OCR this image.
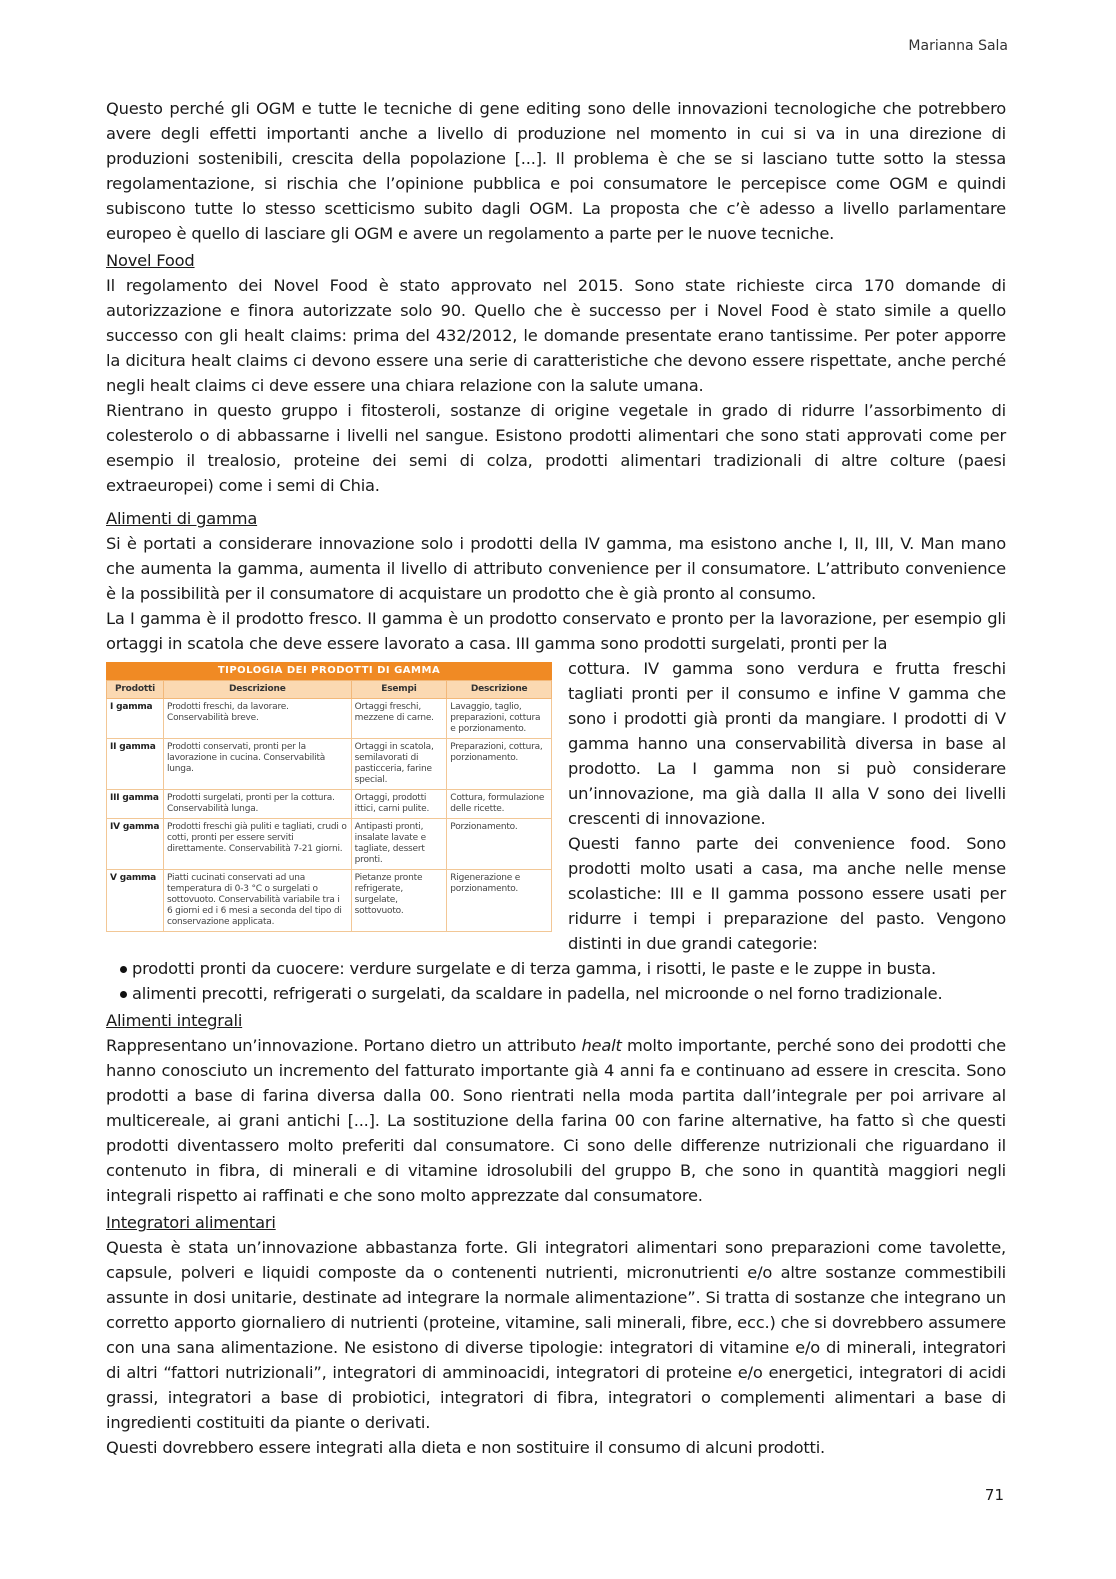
Marianna Sala

Questo perché gli OGM e tutte le tecniche di gene editing sono delle innovazioni tecnologiche che potrebbero avere degli effetti importanti anche a livello di produzione nel momento in cui si va in una direzione di produzioni sostenibili, crescita della popolazione [...]. Il problema è che se si lasciano tutte sotto la stessa regolamentazione, si rischia che l’opinione pubblica e poi consumatore le percepisce come OGM e quindi subiscono tutte lo stesso scetticismo subito dagli OGM. La proposta che c’è adesso a livello parlamentare europeo è quello di lasciare gli OGM e avere un regolamento a parte per le nuove tecniche.

Novel Food

Il regolamento dei Novel Food è stato approvato nel 2015. Sono state richieste circa 170 domande di autorizzazione e finora autorizzate solo 90. Quello che è successo per i Novel Food è stato simile a quello successo con gli healt claims: prima del 432/2012, le domande presentate erano tantissime. Per poter apporre la dicitura healt claims ci devono essere una serie di caratteristiche che devono essere rispettate, anche perché negli healt claims ci deve essere una chiara relazione con la salute umana.

Rientrano in questo gruppo i fitosteroli, sostanze di origine vegetale in grado di ridurre l’assorbimento di colesterolo o di abbassarne i livelli nel sangue. Esistono prodotti alimentari che sono stati approvati come per esempio il trealosio, proteine dei semi di colza, prodotti alimentari tradizionali di altre colture (paesi extraeuropei) come i semi di Chia.

Alimenti di gamma

Si è portati a considerare innovazione solo i prodotti della IV gamma, ma esistono anche I, II, III, V. Man mano che aumenta la gamma, aumenta il livello di attributo convenience per il consumatore. L’attributo convenience è la possibilità per il consumatore di acquistare un prodotto che è già pronto al consumo.

La I gamma è il prodotto fresco. II gamma è un prodotto conservato e pronto per la lavorazione, per esempio gli ortaggi in scatola che deve essere lavorato a casa. III gamma sono prodotti surgelati, pronti per la

TIPOLOGIA DEI PRODOTTI DI GAMMA
Prodotti	Descrizione	Esempi	Descrizione
I gamma	Prodotti freschi, da lavorare. Conservabilità breve.	Ortaggi freschi, mezzene di carne.	Lavaggio, taglio, preparazioni, cottura e porzionamento.
II gamma	Prodotti conservati, pronti per la lavorazione in cucina. Conservabilità lunga.	Ortaggi in scatola, semilavorati di pasticceria, farine special.	Preparazioni, cottura, porzionamento.
III gamma	Prodotti surgelati, pronti per la cottura. Conservabilità lunga.	Ortaggi, prodotti ittici, carni pulite.	Cottura, formulazione delle ricette.
IV gamma	Prodotti freschi già puliti e tagliati, crudi o cotti, pronti per essere serviti direttamente. Conservabilità 7-21 giorni.	Antipasti pronti, insalate lavate e tagliate, dessert pronti.	Porzionamento.
V gamma	Piatti cucinati conservati ad una temperatura di 0-3 °C o surgelati o sottovuoto. Conservabilità variabile tra i 6 giorni ed i 6 mesi a seconda del tipo di conservazione applicata.	Pietanze pronte refrigerate, surgelate, sottovuoto.	Rigenerazione e porzionamento.

cottura. IV gamma sono verdura e frutta freschi tagliati pronti per il consumo e infine V gamma che sono i prodotti già pronti da mangiare. I prodotti di V gamma hanno una conservabilità diversa in base al prodotto. La I gamma non si può considerare un’innovazione, ma già dalla II alla V sono dei livelli crescenti di innovazione.

Questi fanno parte dei convenience food. Sono prodotti molto usati a casa, ma anche nelle mense scolastiche: III e II gamma possono essere usati per ridurre i tempi i preparazione del pasto. Vengono distinti in due grandi categorie:

prodotti pronti da cuocere: verdure surgelate e di terza gamma, i risotti, le paste e le zuppe in busta.
alimenti precotti, refrigerati o surgelati, da scaldare in padella, nel microonde o nel forno tradizionale.

Alimenti integrali

Rappresentano un’innovazione. Portano dietro un attributo healt molto importante, perché sono dei prodotti che hanno conosciuto un incremento del fatturato importante già 4 anni fa e continuano ad essere in crescita. Sono prodotti a base di farina diversa dalla 00. Sono rientrati nella moda partita dall’integrale per poi arrivare al multicereale, ai grani antichi [...]. La sostituzione della farina 00 con farine alternative, ha fatto sì che questi prodotti diventassero molto preferiti dal consumatore. Ci sono delle differenze nutrizionali che riguardano il contenuto in fibra, di minerali e di vitamine idrosolubili del gruppo B, che sono in quantità maggiori negli integrali rispetto ai raffinati e che sono molto apprezzate dal consumatore.

Integratori alimentari

Questa è stata un’innovazione abbastanza forte. Gli integratori alimentari sono preparazioni come tavolette, capsule, polveri e liquidi composte da o contenenti nutrienti, micronutrienti e/o altre sostanze commestibili assunte in dosi unitarie, destinate ad integrare la normale alimentazione”. Si tratta di sostanze che integrano un corretto apporto giornaliero di nutrienti (proteine, vitamine, sali minerali, fibre, ecc.) che si dovrebbero assumere con una sana alimentazione. Ne esistono di diverse tipologie: integratori di vitamine e/o di minerali, integratori di altri “fattori nutrizionali”, integratori di amminoacidi, integratori di proteine e/o energetici, integratori di acidi grassi, integratori a base di probiotici, integratori di fibra, integratori o complementi alimentari a base di ingredienti costituiti da piante o derivati.

Questi dovrebbero essere integrati alla dieta e non sostituire il consumo di alcuni prodotti.

71
